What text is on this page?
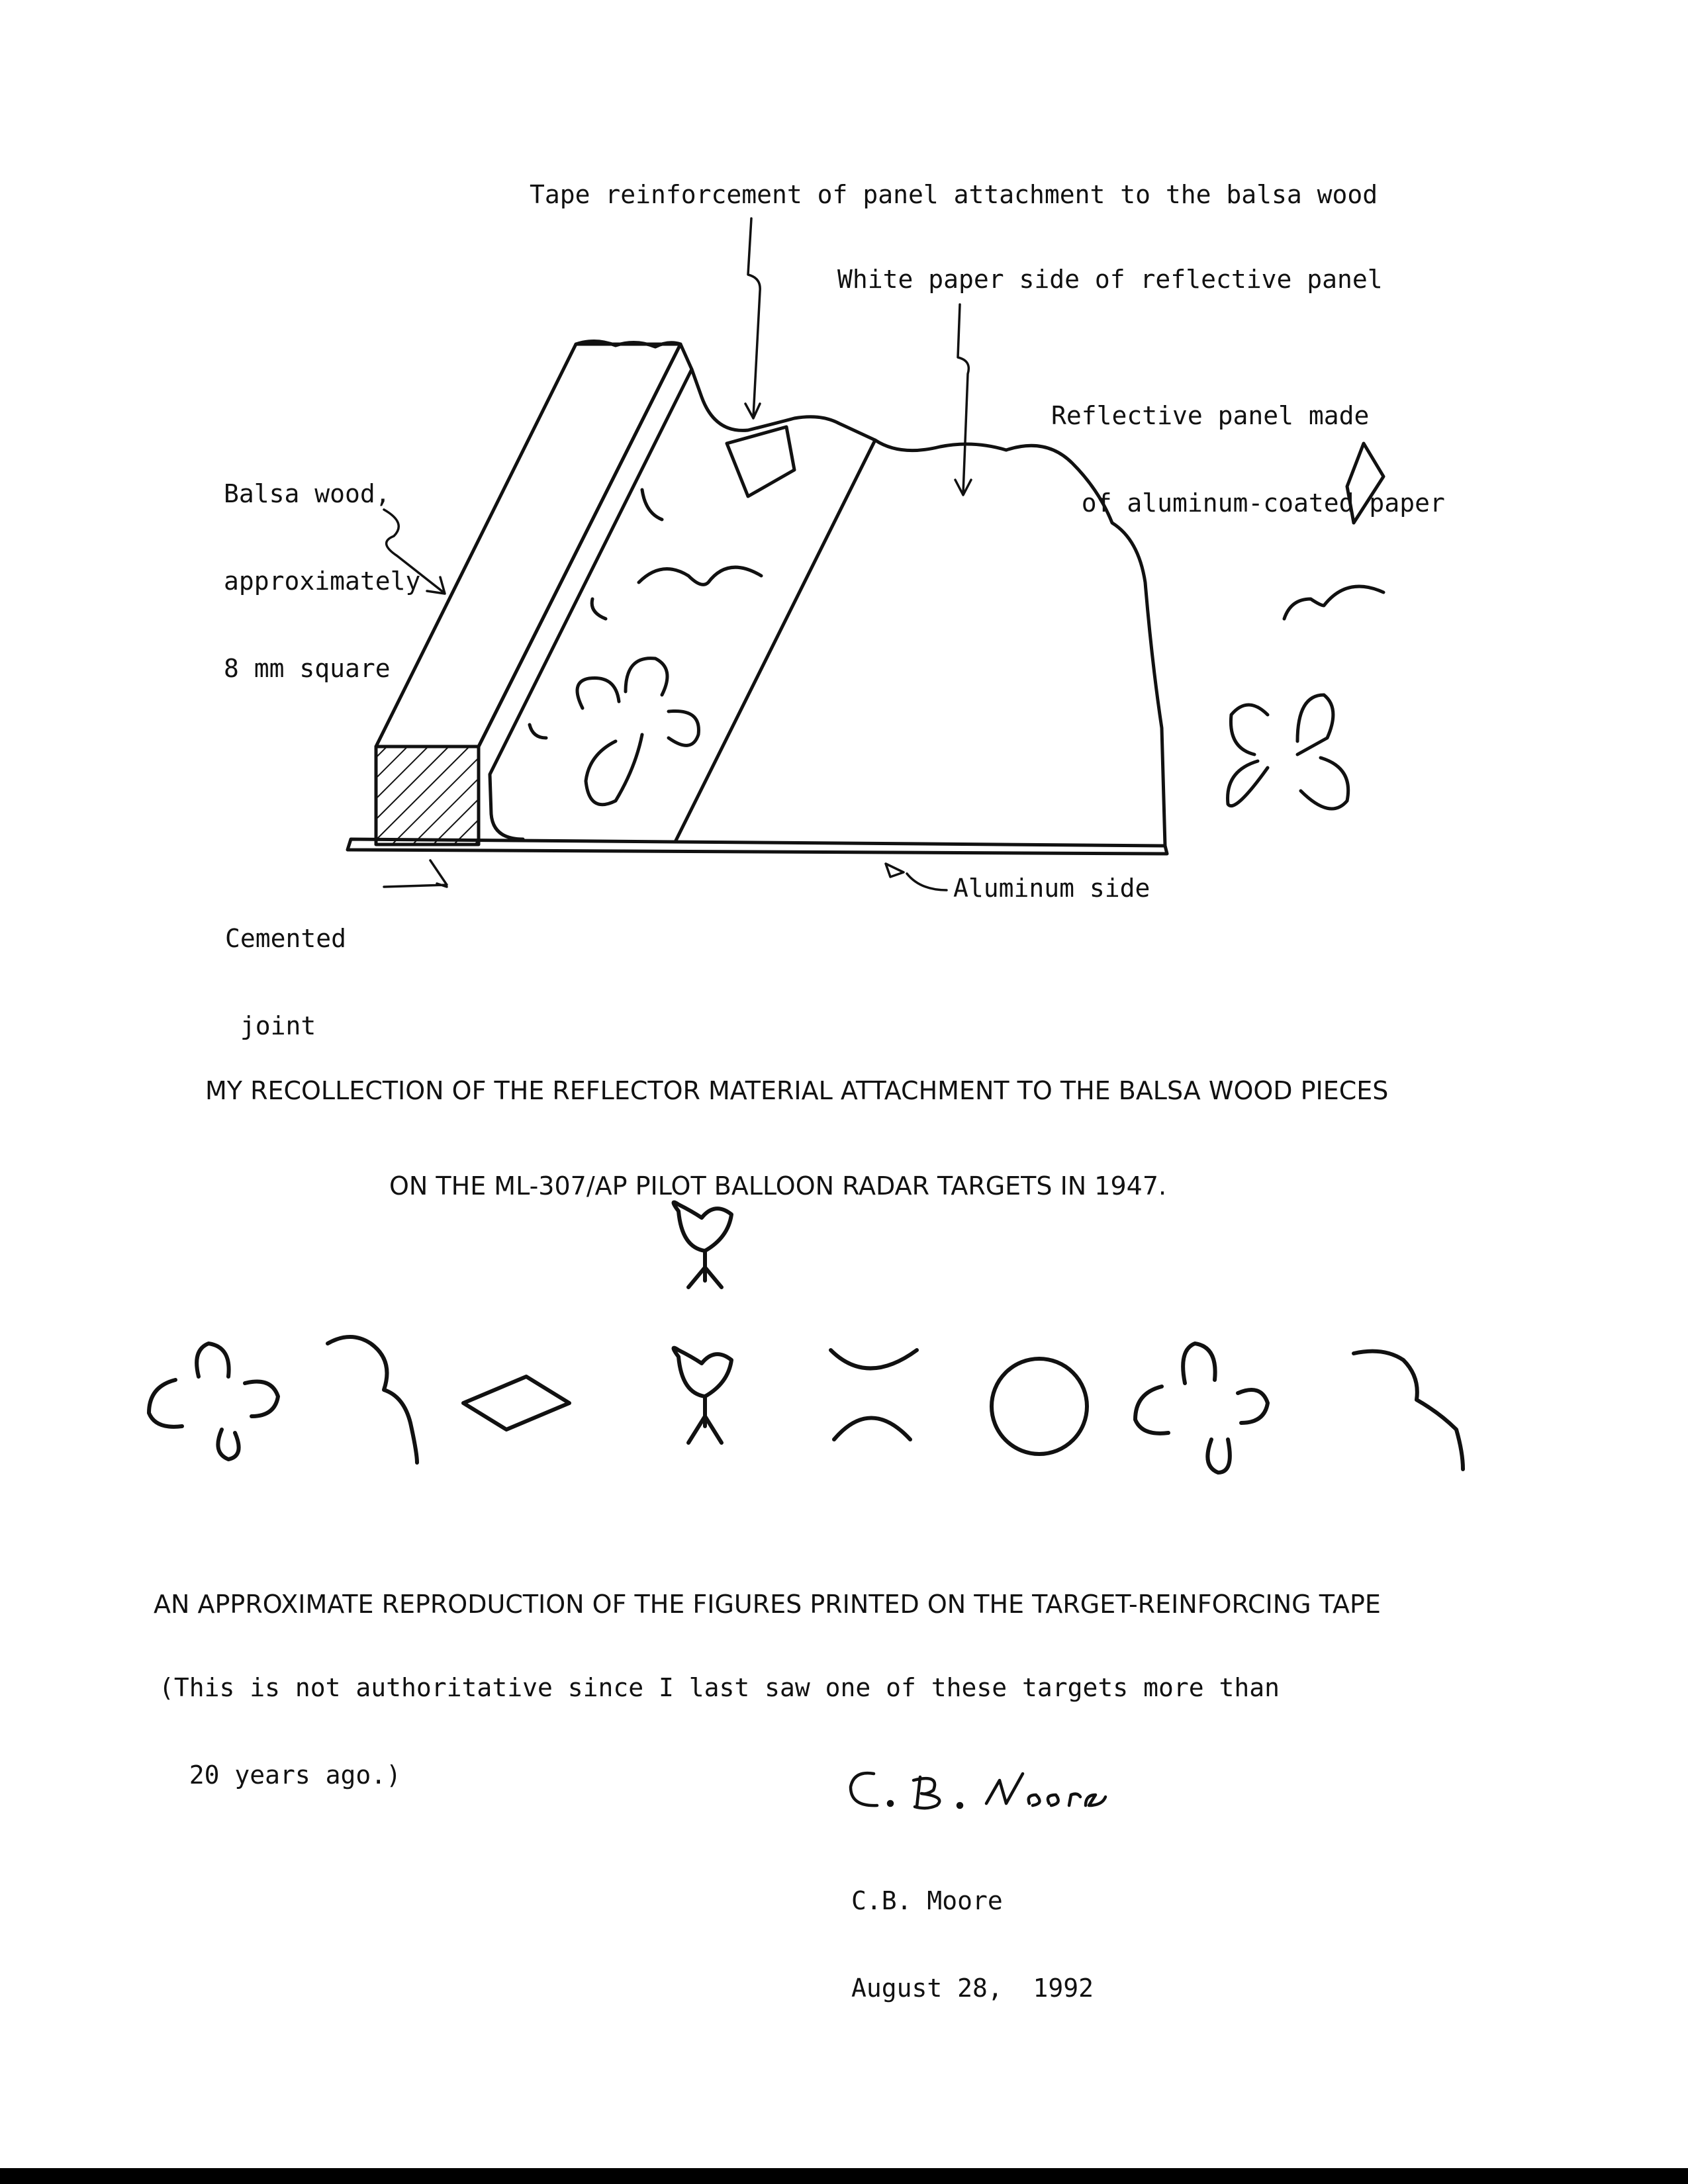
Tape reinforcement of panel attachment to the balsa wood
White paper side of reflective panel

Reflective panel made

of aluminum-coated paper

Balsa wood,

approximately

8 mm square

Cemented

joint

Aluminum side

MY RECOLLECTION OF THE REFLECTOR MATERIAL ATTACHMENT TO THE BALSA WOOD PIECES

ON THE ML-307/AP PILOT BALLOON RADAR TARGETS IN 1947.

AN APPROXIMATE REPRODUCTION OF THE FIGURES PRINTED ON THE TARGET-REINFORCING TAPE

(This is not authoritative since I last saw one of these targets more than

20 years ago.)

C.B. Moore

August 28,  1992
